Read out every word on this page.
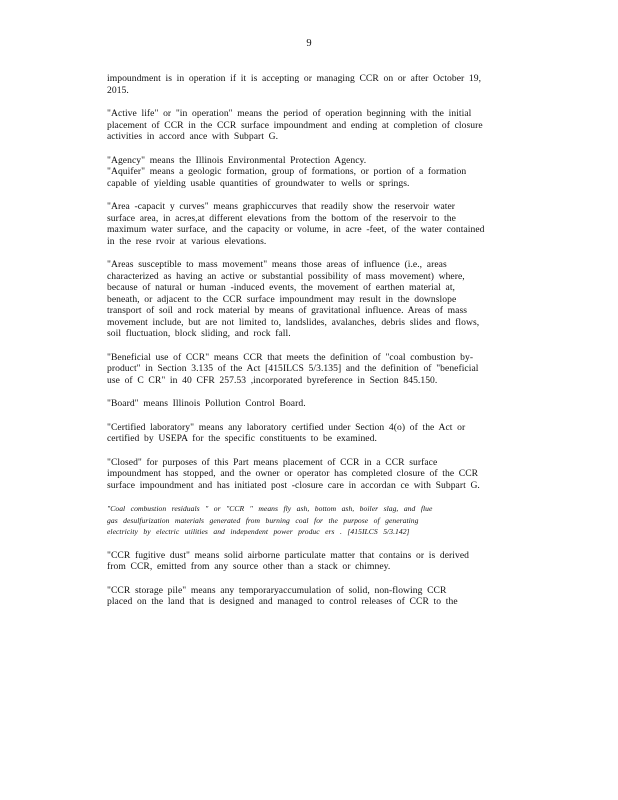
9

impoundment is in operation if it is accepting or managing CCR on or after October 19,
2015.

"Active life" or "in operation" means the period of operation beginning with the initial
placement of CCR in the CCR surface impoundment and ending at completion of closure
activities in accord ance with Subpart G.

"Agency" means the Illinois Environmental Protection Agency.

"Aquifer" means a geologic formation, group of formations, or portion of a formation
capable of yielding usable quantities of groundwater to wells or springs.

"Area -capacit y curves" means graphiccurves that readily show the reservoir water
surface area, in acres,at different elevations from the bottom of the reservoir to the
maximum water surface, and the capacity or volume, in acre -feet, of the water contained
in the rese rvoir at various elevations.

"Areas susceptible to mass movement" means those areas of influence (i.e., areas
characterized as having an active or substantial possibility of mass movement) where,
because of natural or human -induced events, the movement of earthen material at,
beneath, or adjacent to the CCR surface impoundment may result in the downslope
transport of soil and rock material by means of gravitational influence. Areas of mass
movement include, but are not limited to, landslides, avalanches, debris slides and flows,
soil fluctuation, block sliding, and rock fall.

"Beneficial use of CCR" means CCR that meets the definition of "coal combustion by-
product" in Section 3.135 of the Act [415ILCS 5/3.135] and the definition of "beneficial
use of C CR" in 40 CFR 257.53 ,incorporated byreference in Section 845.150.

"Board" means Illinois Pollution Control Board.

"Certified laboratory" means any laboratory certified under Section 4(o) of the Act or
certified by USEPA for the specific constituents to be examined.

"Closed" for purposes of this Part means placement of CCR in a CCR surface
impoundment has stopped, and the owner or operator has completed closure of the CCR
surface impoundment and has initiated post -closure care in accordan ce with Subpart G.

"Coal combustion residuals " or "CCR " means fly ash, bottom ash, boiler slag, and flue
gas desulfurization materials generated from burning coal for the purpose of generating
electricity by electric utilities and independent power produc ers . [415ILCS 5/3.142]

"CCR fugitive dust" means solid airborne particulate matter that contains or is derived
from CCR, emitted from any source other than a stack or chimney.

"CCR storage pile" means any temporaryaccumulation of solid, non-flowing CCR
placed on the land that is designed and managed to control releases of CCR to the
